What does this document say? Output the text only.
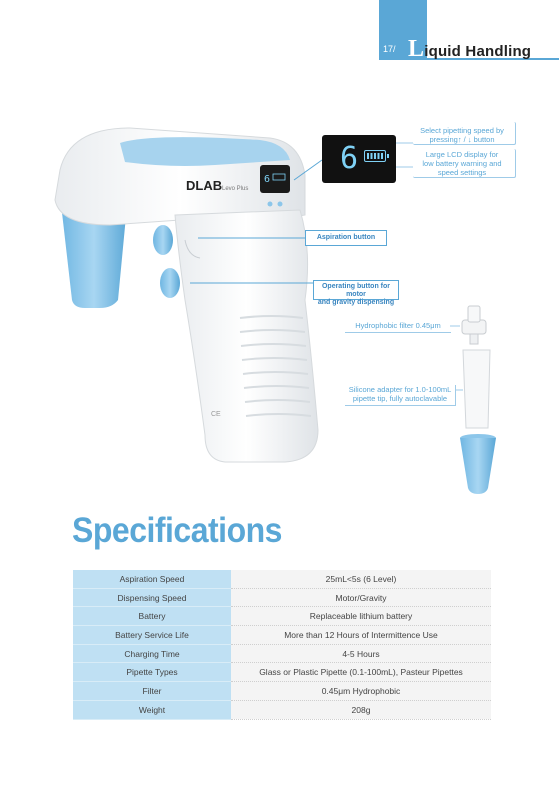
17/ Liquid Handling
6
DLAB Levo Plus
CE
6
Select pipetting speed by
pressing↑ / ↓ button
Large LCD display for
low battery warning and
speed settings
Aspiration button
Operating button for motor
and gravity dispensing
Hydrophobic filter 0.45μm
Silicone adapter for 1.0-100mL
pipette tip, fully autoclavable
Specifications
Aspiration Speed	25mL<5s (6 Level)
Dispensing Speed	Motor/Gravity
Battery	Replaceable lithium battery
Battery Service Life	More than 12 Hours of Intermittence Use
Charging Time	4-5 Hours
Pipette Types	Glass or Plastic Pipette (0.1-100mL), Pasteur Pipettes
Filter	0.45μm Hydrophobic
Weight	208g
